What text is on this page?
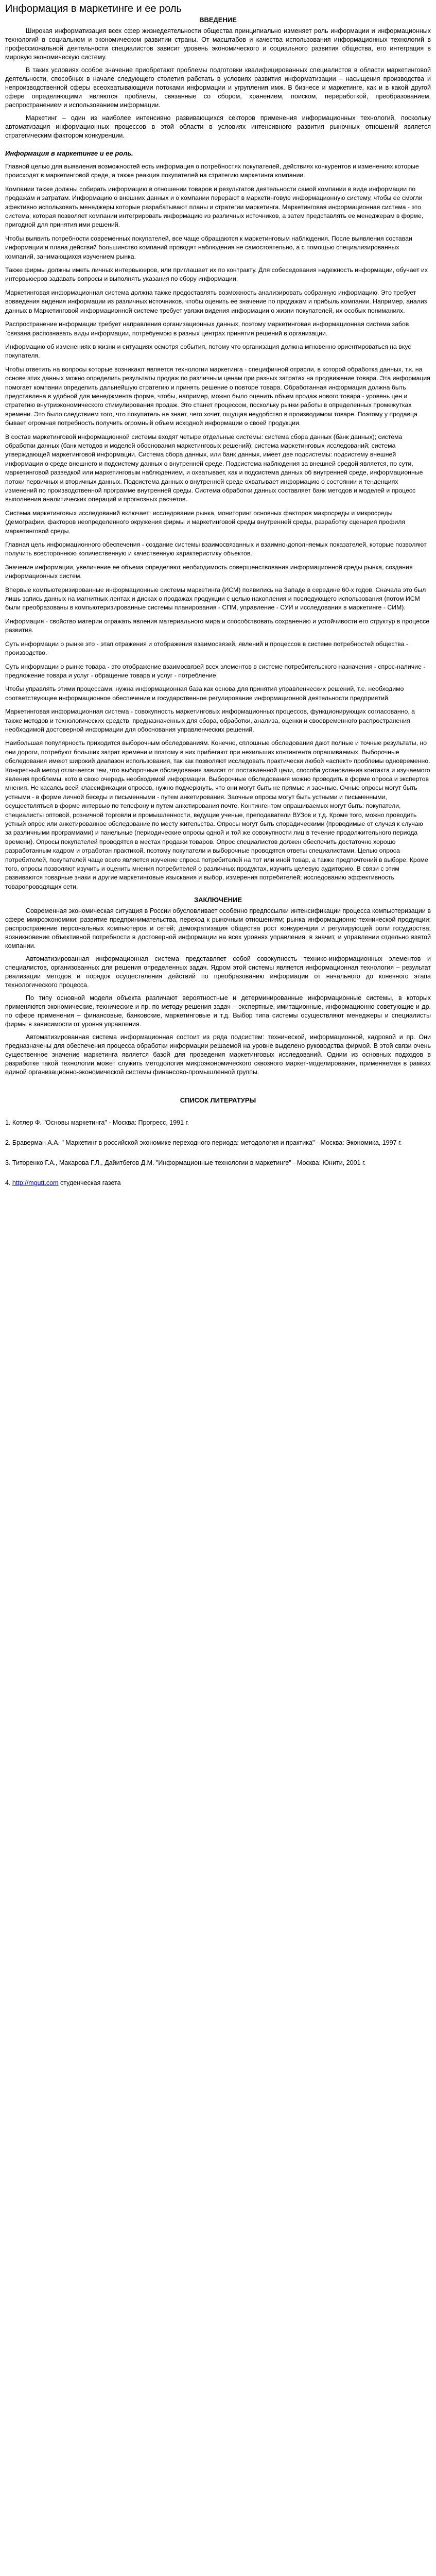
Информация в маркетинге и ее роль
ВВЕДЕНИЕ

Широкая информатизация всех сфер жизнедеятельности общества принципиально изменяет роль информации и информационных технологий в социальном и экономическом развитии страны. От масштабов и качества использования информационных технологий в профессиональной деятельности специалистов зависит уровень экономического и социального развития общества, его интеграция в мировую экономическую систему.

В таких условиях особое значение приобретают проблемы подготовки квалифицированных специалистов в области маркетинговой деятельности, способных в начале следующего столетия работать в условиях развития информатизации – насыщения производства и непроизводственной сферы всеохватывающими потоками информации и угрупления имж. В бизнесе и маркетинге, как и в какой другой сфере определяющими являются проблемы, связанные со сбором, хранением, поиском, переработкой, преобразованием, распространением и использованием информации.

Маркетинг – один из наиболее интенсивно развивающихся секторов применения информационных технологий, поскольку автоматизация информационных процессов в этой области в условиях интенсивного развития рыночных отношений является стратегическим фактором конкуренции.

Информация в маркетинге и ее роль.

Главной целью для выявления возможностей есть информация о потребностях покупателей, действиях конкурентов и изменениях которые происходят в маркетинговой среде, а также реакция покупателей на стратегию маркетинга компании.

Компании также должны собирать информацию в отношении товаров и результатов деятельности самой компании в виде информации по продажам и затратам. Информацию о внешних данных и о компании перерают в маркетинговую информационную систему, чтобы ее смогли эфективно использовать менеджеры которые разрабатывают планы и стратегии маркетинга. Маркетинговая информационная система - это система, которая позволяет компании интегрировать информацию из различных источников, а затем представлять ее менеджерам в форме, пригодной для принятия ими решений.

Чтобы выявить потребности современных покупателей, все чаще обращаются к маркетинговым наблюдения. После выявления составаи информации и плана действий большинство компаний проводят наблюдения не самостоятельно, а с помощью специализированных компаний, занимающихся изучением рынка.

Также фирмы должны иметь личных интервьюеров, или приглашает их по контракту. Для собеседования надежность информации, обучает их интервьюеров задавать вопросы и выполнять указания по сбору информации.

Маркетинговая информационная система должна также предоставлять возможность анализировать собранную информацию. Это требует вовведения видения информации из различных источников, чтобы оценить ее значение по продажам и прибыль компании. Например, анализ данных в Маркетинговой информационной системе требует увязки видения информации о жизни покупателей, их особых пониманиях.

Распространение информации требует направления организационных данных, поэтому маркетинговая информационная система забов `связана распознавать виды информации, потребуемою в разных центрах принятия решений в организации.

Информацию об изменениях в жизни и ситуациях осмотря события, потому что организация должна мгновенно ориентироваться на вкус покупателя.

Чтобы ответить на вопросы которые возникают является технологии маркетинга - специфичной отрасли, в которой обработка данных, т.к. на основе этих данных можно определить результаты продаж по различным ценам при разных затратах на продвижение товара. Эта информация помогает компании определить дальнейшую стратегию и принять решение о повторе товара. Обработанная информация должна быть представлена в удобной для менеджмента форме, чтобы, например, можно было оценить объем продаж нового товара - уровень цен и стратегию внутриэкономического стимулирования продаж. Это станет процессом, поскольку рынки работы в определенных промежутках времени. Это было следствием того, что покупатель не знает, чего хочет, ощущая неудобство в производимом товаре. Поэтому у продавца бывает огромная потребность получить огромный объем исходной информации о своей продукции.

В состав маркетинговой информационной системы входят четыре отдельные системы: система сбора данных (банк данных); система обработки данных (банк методов и моделей обоснования маркетинговых решений); система маркетинговых исследований; система утверждающей маркетинговой информации. Система сбора данных, или банк данных, имеет две подсистемы: подсистему внешней информации о среде внешнего и подсистему данных о внутренней среде. Подсистема наблюдения за внешней средой является, по сути, маркетинговой разведкой или маркетинговым наблюдением, и охватывает, как и подсистема данных об внутренней среде, информационные потоки первичных и вторичных данных. Подсистема данных о внутренней среде охватывает информацию о состоянии и тенденциях изменений по производственной программе внутренней среды. Система обработки данных составляет банк методов и моделей и процесс выполнения аналитических операций и прогнозных расчетов.

Система маркетинговых исследований включает: исследование рынка, мониторинг основных факторов макросреды и микросреды (демографии, факторов неопределенного окружения фирмы и маркетинговой среды внутренней среды, разработку сценария профиля маркетинговой среды.

Главная цель информационного обеспечения - создание системы взаимосвязанных и взаимно-дополняемых показателей, которые позволяют получить всестороннюю количественную и качественную характеристику объектов.

Значение информации, увеличение ее объема определяют необходимость совершенствования информационной среды рынка, создания информационных систем.

Впервые компьютеризированные информационные системы маркетинга (ИСМ) появились на Западе в середине 60-х годов. Сначала это был лишь запись данных на магнитных лентах и дисках о продажах продукции с целью накопления и последующего использования (потом ИСМ были преобразованы в компьютеризированные системы планирования - СПМ, управление - СУИ и исследования в маркетинге - СИМ).

Информация - свойство материи отражать явления материального мира и способствовать сохранению и устойчивости его структур в процессе развития.

Суть информации о рынке это - этап отражения и отображения взаимосвязей, явлений и процессов в системе потребностей общества - производство.

Суть информации о рынке товара - это отображение взаимосвязей всех элементов в системе потребительского назначения - спрос-наличие - предложение товара и услуг - обращение товара и услуг - потребление.

Чтобы управлять этими процессами, нужна информационная база как основа для принятия управленческих решений, т.е. необходимо соответствующее информационное обеспечение и государственное регулирование информационной деятельности предприятий.

Маркетинговая информационная система - совокупность маркетинговых информационных процессов, функционирующих согласованно, а также методов и технологических средств, предназначенных для сбора, обработки, анализа, оценки и своевременного распространения необходимой достоверной информации для обоснования управленческих решений.

Наибольшая популярность приходится выборочным обследованиям. Конечно, сплошные обследования дают полные и точные результаты, но они дороги, потребуют больших затрат времени и поэтому в них прибегают при нехильших контингента опрашиваемых. Выборочные обследования имеют широкий диапазон использования, так как позволяют исследовать практически любой «аспект» проблемы одновременно. Конкретный метод отличается тем, что выборочные обследования зависят от поставленной цели, способа установления контакта и изучаемого явления проблемы, кото в свою очередь необходимой информации. Выборочные обследования можно проводить в форме опроса и экспертов мнения. Не касаясь всей классификации опросов, нужно подчеркнуть, что они могут быть не прямые и заочные. Очные опросы могут быть устными - в форме личной беседы и письменными - путем анкетирования. Заочные опросы могут быть устными и письменными, осуществляться в форме интервью по телефону и путем анкетирования почте. Контингентом опрашиваемых могут быть: покупатели, специалисты оптовой, розничной торговли и промышленности, ведущие ученые, преподаватели ВУЗов и т.д. Кроме того, можно проводить устный опрос или анкетированное обследование по месту жительства. Опросы могут быть спорадическими (проводимые от случая к случаю за различными программами) и панельные (периодические опросы одной и той же совокупности лиц в течение продолжительного периода времени). Опросы покупателей проводятся в местах продажи товаров. Опрос специалистов должен обеспечить достаточно хорошо разработанным кадром и отработан практикой, поэтому покупатели и выборочные проводятся ответы специалистами. Целью опроса потребителей, покупателей чаще всего является изучение спроса потребителей на тот или иной товар, а также предпочтений в выборе. Кроме того, опросы позволяют изучить и оценить мнения потребителей о различных продуктах, изучить целевую аудиторию. В связи с этим развиваются товарные знаки и другие маркетинговые изыскания и выбор, измерения потребителей; исследованию эффективность товаропроводящих сети.

ЗАКЛЮЧЕНИЕ

Современная экономическая ситуация в России обусловливает особенно предпосылки интенсификации процесса компьютеризации в сфере микроэкономики: развитие предпринимательства, переход к рыночным отношениям; рынка информационно-технической продукции; распространение персональных компьютеров и сетей; демократизация общества рост конкуренции и регулирующей роли государства; возникновение объективной потребности в достоверной информации на всех уровнях управления, в значит, и управлении отдельно взятой компании.

Автоматизированная информационная система представляет собой совокупность технико-информационных элементов и специалистов, организованных для решения определенных задач. Ядром этой системы является информационная технология – результат реализации методов и порядок осуществления действий по преобразованию информации от начального до конечного этапа технологического процесса.

По типу основной модели объекта различают вероятностные и детерминированные информационные системы, в которых применяются экономические, технические и пр. по методу решения задач – экспертные, имитационные, информационно-советующие и др. по сфере применения – финансовые, банковские, маркетинговые и т.д. Выбор типа системы осуществляют менеджеры и специалисты фирмы в зависимости от уровня управления.

Автоматизированная система информационная состоит из ряда подсистем: технической, информационной, кадровой и пр. Они предназначены для обеспечения процесса обработки информации решаемой на уровне выделено руководства фирмой. В этой связи очень существенное значение маркетинга является базой для проведения маркетинговых исследований. Одним из основных подходов в разработке такой технологии может служить методология микроэкономического сквозного маркет-моделирования, применяемая в рамках единой организационно-экономической системы финансово-промышленной группы.

СПИСОК ЛИТЕРАТУРЫ
1. Котлер Ф. "Основы маркетинга" - Москва: Прогресс, 1991 г.
2. Браверман А.А. " Маркетинг в российской экономике переходного периода: методология и практика" - Москва: Экономика, 1997 г.
3. Титоренко Г.А., Макарова Г.Л., Дайитбегов Д.М. "Информационные технологии в маркетинге" - Москва: Юнити, 2001 г.
4. http://mgutt.com студенческая газета
